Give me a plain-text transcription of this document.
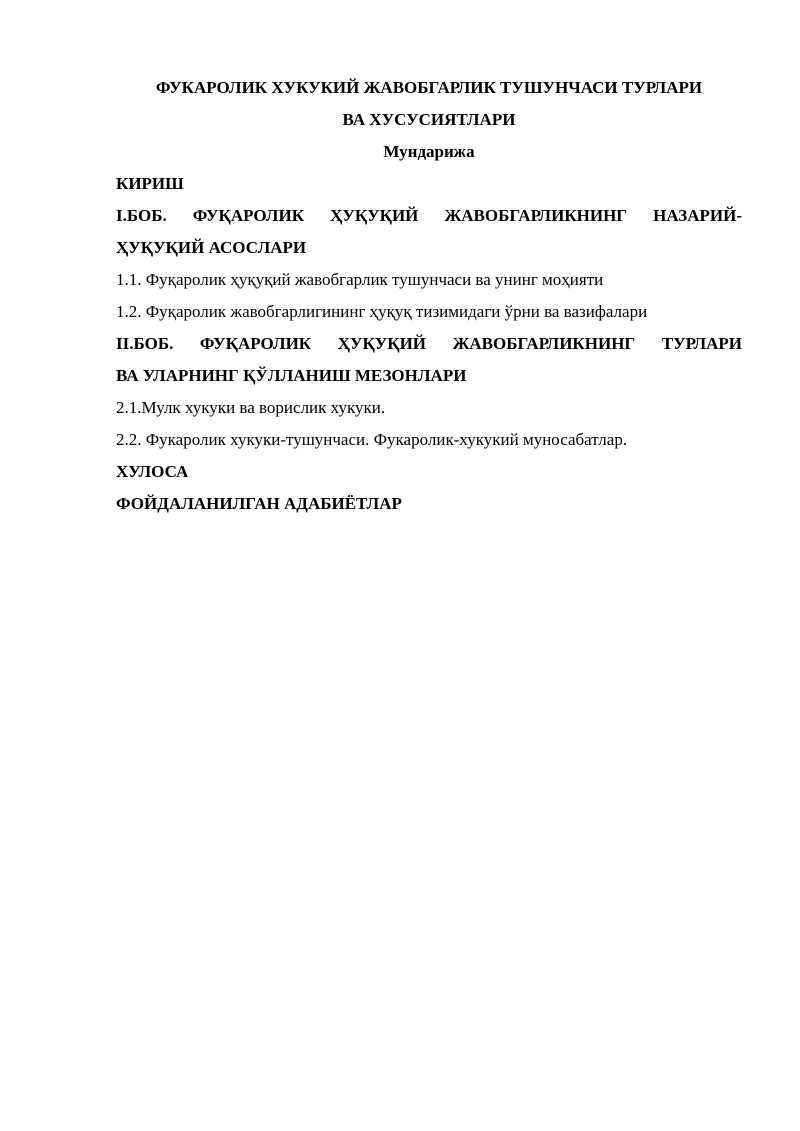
ФУКАРОЛИК ХУКУКИЙ ЖАВОБГАРЛИК ТУШУНЧАСИ ТУРЛАРИ
ВА ХУСУСИЯТЛАРИ
Мундарижа

КИРИШ

I.БОБ. ФУҚАРОЛИК ҲУҚУҚИЙ ЖАВОБГАРЛИКНИНГ НАЗАРИЙ-
ҲУҚУҚИЙ АСОСЛАРИ

1.1. Фуқаролик ҳуқуқий жавобгарлик тушунчаси ва унинг моҳияти

1.2. Фуқаролик жавобгарлигининг ҳуқуқ тизимидаги ўрни ва вазифалари

II.БОБ. ФУҚАРОЛИК ҲУҚУҚИЙ ЖАВОБГАРЛИКНИНГ ТУРЛАРИ
ВА УЛАРНИНГ ҚЎЛЛАНИШ МЕЗОНЛАРИ

2.1.Мулк хукуки ва ворислик хукуки.

2.2. Фукаролик хукуки-тушунчаси. Фукаролик-хукукий муносабатлар.

ХУЛОСА

ФОЙДАЛАНИЛГАН АДАБИЁТЛАР
